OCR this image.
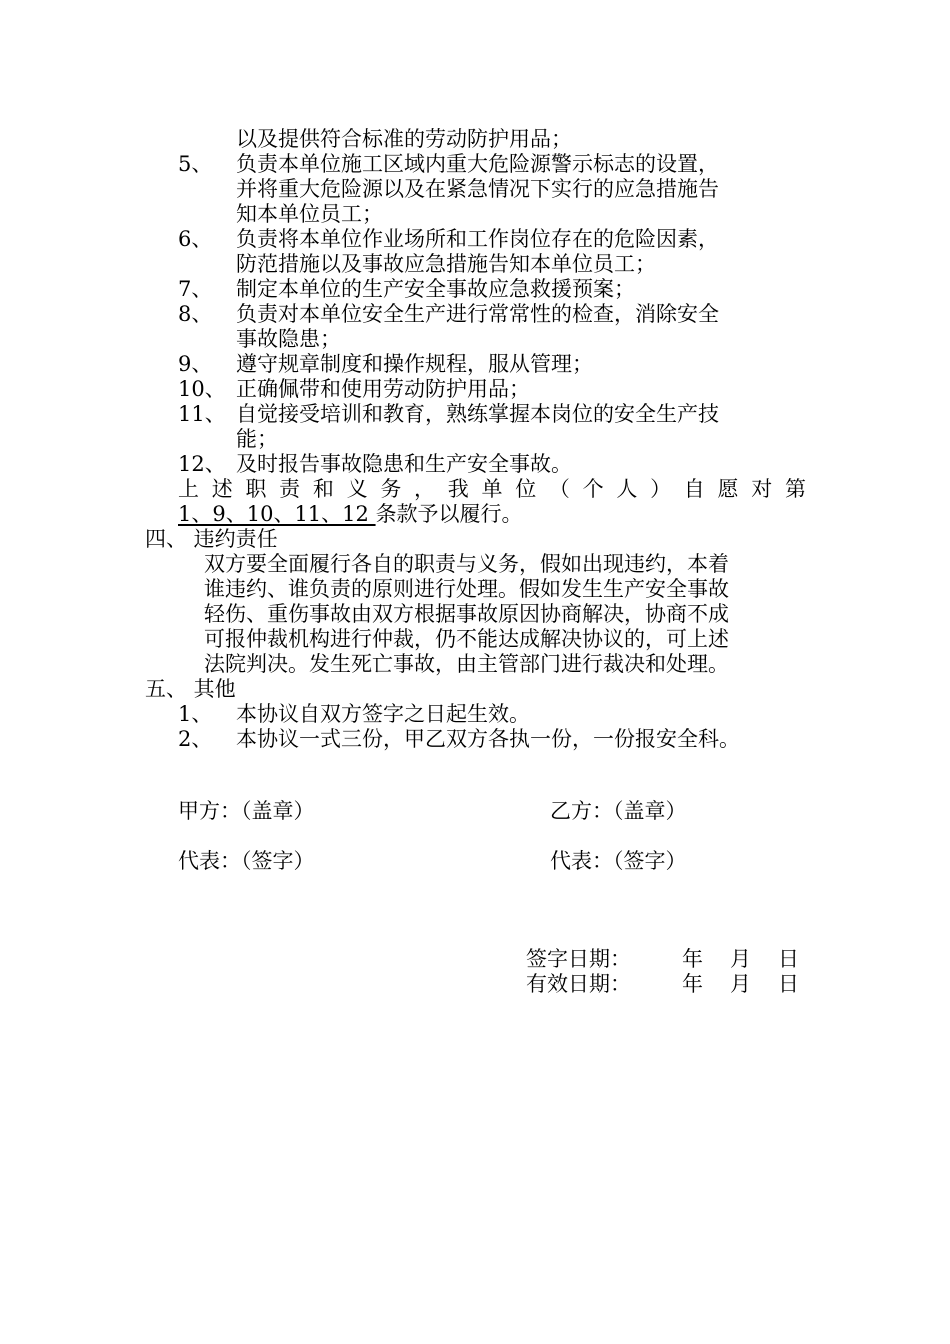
以及提供符合标准的劳动防护用品；
5、 负责本单位施工区域内重大危险源警示标志的设置，
并将重大危险源以及在紧急情况下实行的应急措施告
知本单位员工；
6、 负责将本单位作业场所和工作岗位存在的危险因素，
防范措施以及事故应急措施告知本单位员工；
7、 制定本单位的生产安全事故应急救援预案；
8、 负责对本单位安全生产进行常常性的检查，消除安全
事故隐患；
9、 遵守规章制度和操作规程，服从管理；
10、 正确佩带和使用劳动防护用品；
11、 自觉接受培训和教育，熟练掌握本岗位的安全生产技
能；
12、 及时报告事故隐患和生产安全事故。
上 述 职 责 和 义 务 ， 我 单 位 （ 个 人 ） 自 愿 对 第
1、9、10、11、12 条款予以履行。
四、 违约责任
双方要全面履行各自的职责与义务，假如出现违约，本着
谁违约、谁负责的原则进行处理。假如发生生产安全事故
轻伤、重伤事故由双方根据事故原因协商解决，协商不成
可报仲裁机构进行仲裁，仍不能达成解决协议的，可上述
法院判决。发生死亡事故，由主管部门进行裁决和处理。
五、 其他
1、 本协议自双方签字之日起生效。
2、 本协议一式三份，甲乙双方各执一份，一份报安全科。
甲方：（盖章）	乙方：（盖章）
代表：（签字）	代表：（签字）
签字日期： 年 月 日
有效日期： 年 月 日
